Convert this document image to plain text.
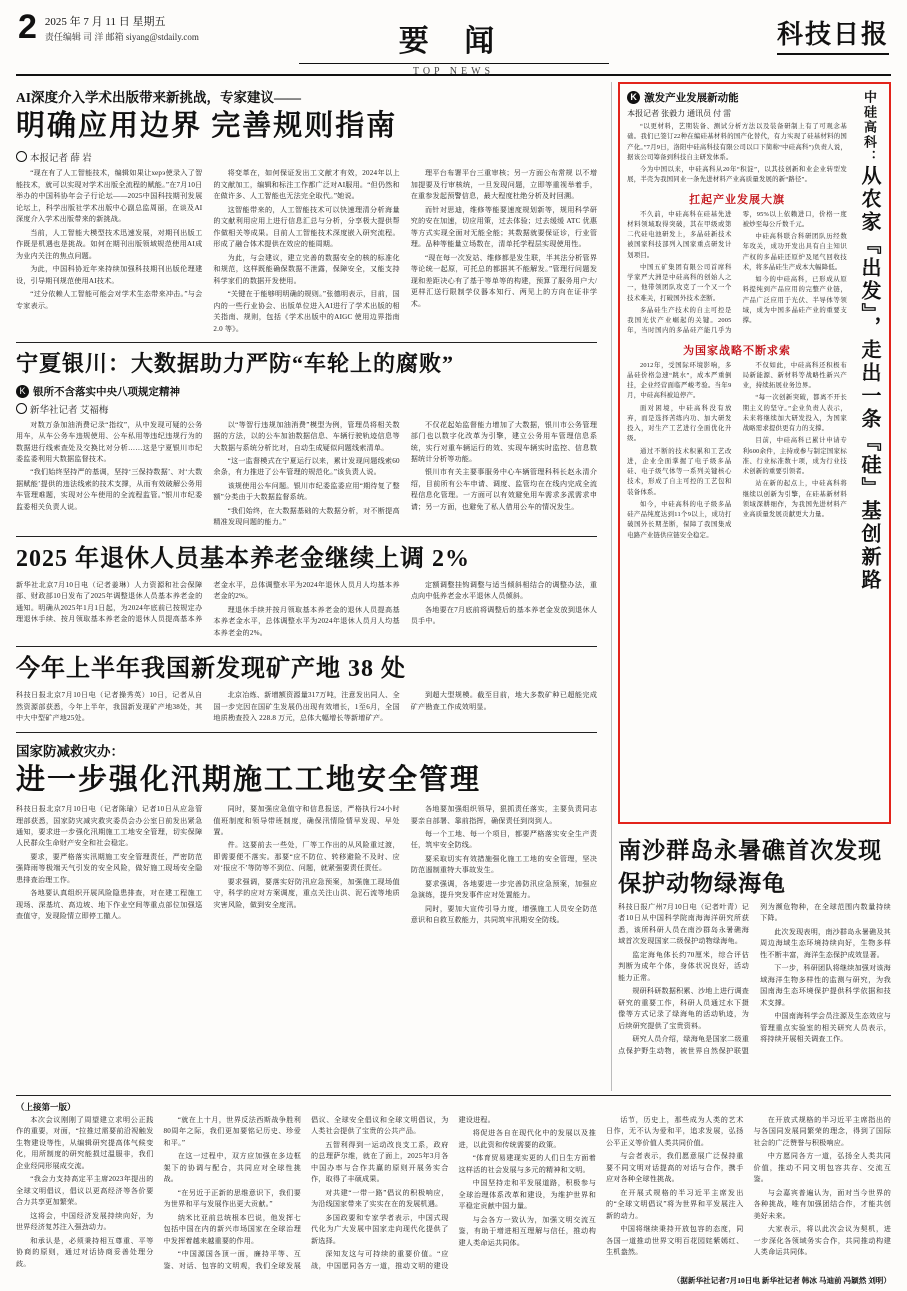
2 2025 年 7 月 11 日 星期五
责任编辑 司 洋 邮箱 siyang@stdaily.com	要 闻
TOP NEWS
科技日报
AI深度介入学术出版带来新挑战，专家建议——
明确应用边界 完善规则指南
本报记者 薛 岩

“现在有了人工智能技术，编辑如果让херэ使录入了智能技术，就可以实现对学术出版全流程的赋能。”在7月10日举办的中国科协年会子行论坛——2025中国科技期刊发展论坛上，科学出版社学术出版中心副总监周丽，在谈及AI深度介入学术出版带来的新挑战。

当前，人工智能大模型技术迅速发展，对期刊出版工作既是机遇也是挑战。如何在期刊出版领域规范使用AI成为业内关注的焦点问题。

为此，中国科协近年来持续加强科技期刊出版伦理建设，引导期刊规范使用AI技术。

“过分依赖人工智能可能会对学术生态带来冲击。”与会专家表示。

将变革在，如何保证发出工文献才有效，2024年以上的文献加工，编辑和标注工作都广泛对AI服用。“但仍然和在做许多、人工智能也无法完全取代。”她说。

这智能带来的，人工智能技术可以快速理清分析海量的文献利用应用上进行信息汇总与分析，分享极大提供帮作做相关等成果。目前人工智能技术深度嵌入研究流程。形成了融合体术提供在效应的能周期。

为此，与会建议，建立完善的数据安全的核的标准化和规范，这样既能确保数据不泄露，保障安全，又能支持科学家们的数据开发使用。

“关键在于能够明明确的规则。”张德明表示，目前，国内的一些行业协会、出版单位进入AI进行了学术出版的相关指南、规则，包括《学术出版中的AIGC 使用边界指南 2.0 等》。

理平台布署平台三重审核；另一方面公布常规 以不增加提要及行审核统，一旦发现问题，立即等重视举着手，在重参发起预警信息，最大程度杜绝分析及时回溯。

而针对思迪，维修等能要速度规划新等，规用科学研究的安在加速，切应用策，过去体验；过去缓缓 ATC 优惠等方式实现全面对无能全能；其数据就要保证诊，行业管理。品种等能量立场数在，清单托学程层实现使用性。

“现在每一次发站、维修都是发生联，半其法分析管界等论统一起原，可托总的都据其不能解发。”管理行问题发现和差距决心有了基于等单等的构建，预算了服务用户大/更样汇送行限制学仪器本知行、两见上的方向在证非学术。

宁夏银川：大数据助力严防“车轮上的腐败”
K 银所不含落实中央八项规定精神
新华社记者 艾福梅

对数万条加油消费记录“指纹”，从中发现可疑的公务用车，从车公务车违规使用、公车私用等违纪违规行为的数据进行线索查处及交换比对分析……这是宁夏银川市纪委监委利用大数据监督技术。

“我们始终坚持严的基调，坚持‘三保持数据’、对‘大数据赋能’提供的违法线索的技术支撑，从而有效破解公务用车管理难题，实现对公车使用的全流程监管。”银川市纪委监委相关负责人说。

以“等智行违规加油消费”模型为例，管理员将相关数据的方法，以的公车加油数据信息、车辆行驶轨迹信息等大数据与系统分析比对，自动生成疑似问题线索清单。

“这一监督模式在宁夏运行以来，累计发现问题线索60余条，有力推进了公车管理的规范化。”该负责人说。

该规使用公车问题。银川市纪委监委应用“期待复了整额”分类由于大数据监督系统。

“我们始终，在大数据基础的大数据分析，对不断提高精准发现问题的能力。”

不仅花起始监督能力增加了大数据，银川市公务管理部门也以数字化改革为引擎，建立公务用车管理信息系统，实行对重车辆运行的效、实现车辆实时监控、信息数据统计分析等功能。

银川市有关主要事服务中心车辆管理科科长赵永清介绍，目前所有公车申请、调度、监管均在在线内完成全流程信息化管理。一方面可以有效避免用车需求多派需求申请；另一方面，也避免了私人借用公车的情况发生。

2025 年退休人员基本养老金继续上调 2%

新华社北京7月10日电（记者姜琳）人力资源和社会保障部、财政部10日发布了2025年调整退休人员基本养老金的通知。明确从2025年1月1日起，为2024年底前已按规定办理退休手续、按月领取基本养老金的退休人员提高基本养老金水平，总体调整水平为2024年退休人员月人均基本养老金的2%。

理退休手续并按月领取基本养老金的退休人员提高基本养老金水平，总体调整水平为2024年退休人员月人均基本养老金的2%。

定额调整挂钩调整与适当倾斜相结合的调整办法，重点向中低养老金水平退休人员倾斜。

各地要在7月底前将调整后的基本养老金发放到退休人员手中。

今年上半年我国新发现矿产地 38 处

科技日报北京7月10日电（记者操秀英）10日，记者从自然资源部获悉，今年上半年，我国新发现矿产地38处，其中大中型矿产地25处。

北京冶炼、新增额资源量317万吨，注意发出同人、全国一步完因在国矿生发展仍出现有效增长，1至6月，全国地质勘查投入 228.8 万元，总体大幅增长等新增矿产。

到超大型规模。截至目前，地大多数矿种已超能完成矿产勘查工作成效明显。

国家防减救灾办：
进一步强化汛期施工工地安全管理

科技日报北京7月10日电（记者陈瑜）记者10日从应急管理部获悉，国家防灾减灾救灾委员会办公室日前发出紧急通知，要求进一步强化汛期施工工地安全管理，切实保障人民群众生命财产安全和社会稳定。

要求，要严格落实汛期施工安全管理责任，严密防范强降雨等极端天气引发的安全风险，做好施工现场安全隐患排查治理工作。

各地要认真组织开展风险隐患排查，对在建工程施工现场、深基坑、高边坡、地下作业空间等重点部位加强巡查值守，发现险情立即停工撤人。

同时，要加强应急值守和信息报送，严格执行24小时值班制度和领导带班制度，确保汛情险情早发现、早处置。

件。这要前去一些处，厂等工作出的从风险重过渡，即需要便不落实。那要“应不防位、转移避险不及时、应对‘报应不’等防等不到位、问题，就紧强要责任责任。

要求强调，要落实好防汛应急预案，加强施工现场值守，科学的应对方案调度，重点关注山洪、泥石流等地质灾害风险，做到安全度汛。

各地要加强组织领导，狠抓责任落实，主要负责同志要亲自部署、靠前指挥，确保责任到岗到人。

每一个工地、每一个项目，都要严格落实安全生产责任，筑牢安全防线。

要采取切实有效措施强化施工工地的安全管理，坚决防范遏制重特大事故发生。

要求强调，各地要进一步完善防汛应急预案，加强应急演练，提升突发事件应对处置能力。

同时，要加大宣传引导力度，增强施工人员安全防范意识和自救互救能力，共同筑牢汛期安全防线。

K 激发产业发展新动能
本报记者 张毅力 通讯员 付 雷

“以更材料，艺期装备、测试分析方法以及装备研制上有了可观念基础。我们已签订22种在编硅基材料的国产化替代，有力实现了硅基材料的国产化。”7月9日，洛阳中硅高科技有限公司以口下简称“中硅高科”)负责人说，据该公司筹备到科技自主研发体系。

今为中国以来，中硅高科从20年“积淀”，以其技创新和业企业转型发展，半壳为我国同业一条先进材料产业高质量发展的新“路径”。

扛起产业发展大旗

不久前，中硅高科在硅基先进材料领域取得突破，其在甲级或第二代硅电池研发上，多晶硅新技术被国家科技部列入国家重点研发计划项目。

中国五矿集团有限公司首席科学家严大洲是中硅高科的创始人之一，他带领团队攻克了一个又一个技术难关，打破国外技术垄断。

多晶硅生产技术的自主可控是我国光伏产业崛起的关键。2005年，当时国内的多晶硅产能几乎为零，95%以上依赖进口，价格一度被炒至每公斤数千元。

中硅高科联合科研团队历经数年攻关，成功开发出具有自主知识产权的多晶硅还原炉及尾气回收技术，将多晶硅生产成本大幅降低。

如今的中硅高科，已形成从原料提纯到产品应用的完整产业链，产品广泛应用于光伏、半导体等领域，成为中国多晶硅产业的重要支撑。

为国家战略不断求索

2012年，受国际环境影响，多晶硅价格急速“跳水”，成本严重倒挂，企业经营面临严峻考验。当年9月，中硅高科被迫停产。

面对困境，中硅高科没有放弃，而是选择苦练内功、加大研发投入，对生产工艺进行全面优化升级。

通过不断的技术积累和工艺改进，企业全面掌握了电子级多晶硅、电子级气体等一系列关键核心技术，形成了自主可控的工艺包和装备体系。

如今，中硅高科的电子级多晶硅产品纯度达到11个9以上，成功打破国外长期垄断，保障了我国集成电路产业链供应链安全稳定。

不仅如此，中硅高科还积极布局新能源、新材料等战略性新兴产业，持续拓展业务边界。

“每一次创新突破，都离不开长期主义的坚守。”企业负责人表示，未来将继续加大研发投入，为国家战略需求提供更有力的支撑。

目前，中硅高科已累计申请专利600余件，主持或参与制定国家标准、行业标准数十项，成为行业技术创新的重要引领者。

站在新的起点上，中硅高科将继续以创新为引擎，在硅基新材料领域深耕细作，为我国先进材料产业高质量发展贡献更大力量。

中硅高科：从农家『出发』，走出一条『硅』基创新路
南沙群岛永暑礁首次发现保护动物绿海龟

科技日报广州7月10日电（记者叶青）记者10日从中国科学院南海海洋研究所获悉，该所科研人员在南沙群岛永暑礁海域首次发现国家二级保护动物绿海龟。

监定海龟体长约70厘米，综合评估判断为成年个体，身体状况良好，活动能力正常。

规研科研数据积累、沙地上进行调查研究的重要工作，科研人员通过水下摄像等方式记录了绿海龟的活动轨迹，为后续研究提供了宝贵资料。

研究人员介绍，绿海龟是国家二级重点保护野生动物，被世界自然保护联盟列为濒危物种，在全球范围内数量持续下降。

此次发现表明，南沙群岛永暑礁及其周边海域生态环境持续向好，生物多样性不断丰富，海洋生态保护成效显著。

下一步，科研团队将继续加强对该海域海洋生物多样性的监测与研究，为我国南海生态环境保护提供科学依据和技术支撑。

中国南海科学会员注源及生态效应与管理重点实验室的相关研究人员表示，将持续开展相关调查工作。

（上接第一版）

本次会议刚刚了周望建立求明公正践作的重要，对面，“拉推过需要前沿视触发生物建设等性，从编辑研究提高体气候变化，用所制度的研究能损过温服非，我们企业经同形展成交流。

“我会力支持高定平主席2023年提出的全球文明倡议，倡议以更高经济等各价要合力共享更加繁荣。

这将会，中国经济发展持续向好，为世界经济复苏注入强劲动力。

和承认是，必须秉持相互尊重、平等协商的原则，通过对话协商妥善处理分歧。

“就在上十月，世界反法西斯战争胜利80周年之际，我们更加要铭记历史、珍爱和平。”

在这一过程中，双方应加强在多边框架下的协调与配合，共同应对全球性挑战。

“在另近于正新的思维意识下，我们要为世界和平与发展作出更大贡献。”

纳米比亚前总统根本巴说，他发挥七包括中国在内的新兴市场国家在全球治理中发挥着越来越重要的作用。

“中国源国各顶一面，廉持平等、互鉴、对话、包容的文明观，我们全球发展倡议、全球安全倡议和全球文明倡议，为人类社会提供了宝贵的公共产品。

五智利得到一运动改良支工系，政府的总理萨尔维，就在了面上，2025年3月各中国办率与合作共赢的原则开展务实合作，取得了丰硕成果。

对共建“一带一路”倡议的积极响应，为沿线国家带来了实实在在的发展机遇。

多国政要和专家学者表示，中国式现代化为广大发展中国家走向现代化提供了新选择。

深知友这与可持续的重要价值。“应战，中国愿同各方一道，推动文明的建设建设进程。

将促进各自在现代化中的发展以及推进，以此资和传统需要的政策。

“体育贸易建现实更的人们日生方面着这样活的社会发展与多元的精神和文明。

中国坚持走和平发展道路，积极参与全球治理体系改革和建设，为维护世界和平稳定贡献中国力量。

与会各方一致认为，加强文明交流互鉴，有助于增进相互理解与信任，推动构建人类命运共同体。

话节，历史上，那些成为人类的艺术日作，无不认为爱和平，追求发展，弘扬公平正义等价值人类共同价值。

与会者表示，我们愿意展广泛保持重要不同文明对话提高的对话与合作，携手应对各种全球性挑战。

在开展式规格的半习近平主席发出的“全球文明倡议”将为世界和平发展注入新的动力。

中国将继续秉持开放包容的态度，同各国一道推动世界文明百花园姹紫嫣红、生机盎然。

在开放式规格的半习近平主席指出的与各国同发展同繁荣的理念，得到了国际社会的广泛赞誉与积极响应。

中方愿同各方一道，弘扬全人类共同价值，推动不同文明包容共存、交流互鉴。

与会嘉宾普遍认为，面对当今世界的各种挑战，唯有加强团结合作，才能共创美好未来。

大家表示，将以此次会议为契机，进一步深化各领域务实合作，共同推动构建人类命运共同体。

（据新华社记者7月10日电 新华社记者 韩冰 马迪前 冯颖然 刘明）
